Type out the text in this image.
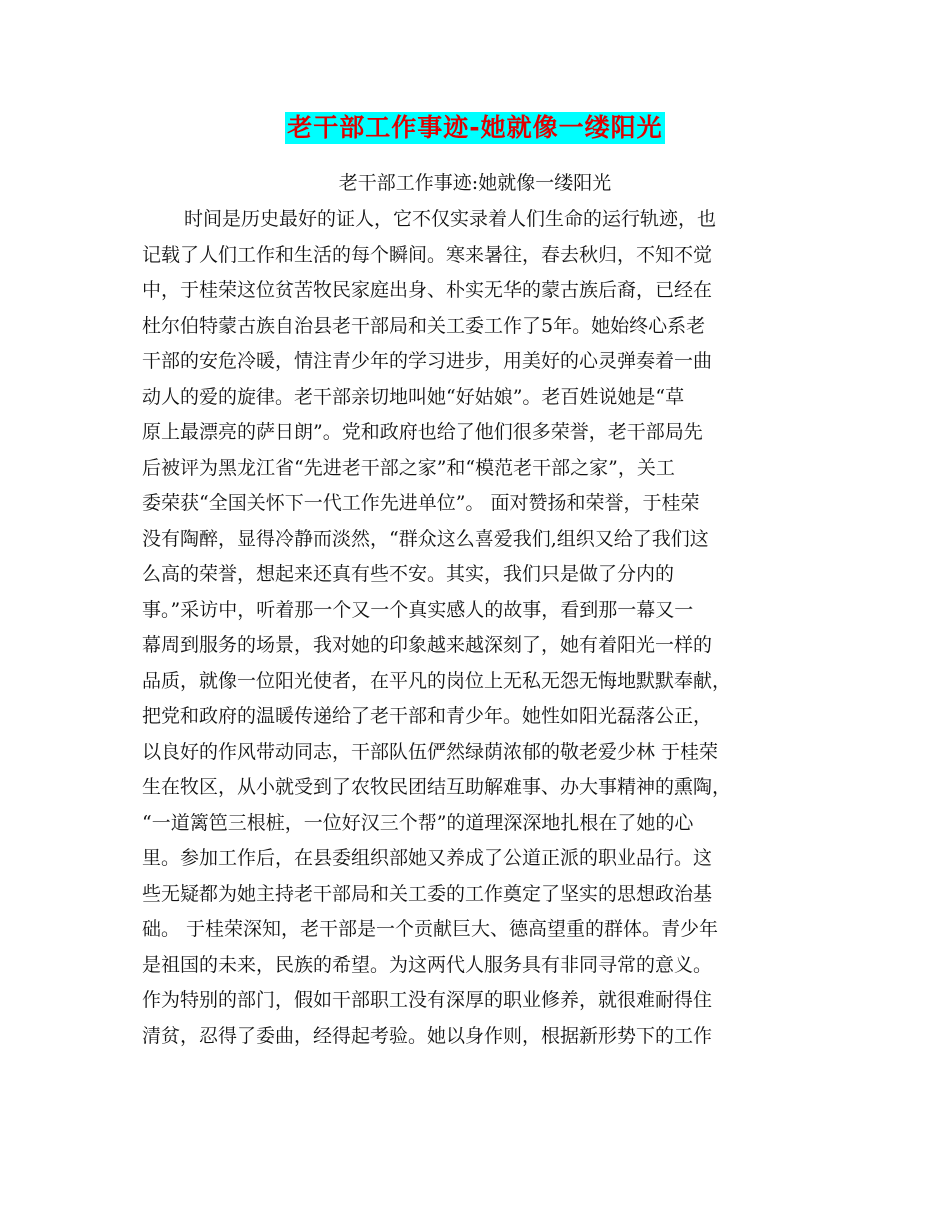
老干部工作事迹-她就像一缕阳光
老干部工作事迹:她就像一缕阳光
时间是历史最好的证人，它不仅实录着人们生命的运行轨迹，也
记载了人们工作和生活的每个瞬间。寒来暑往，春去秋归，不知不觉
中，于桂荣这位贫苦牧民家庭出身、朴实无华的蒙古族后裔，已经在
杜尔伯特蒙古族自治县老干部局和关工委工作了5年。她始终心系老
干部的安危冷暖，情注青少年的学习进步，用美好的心灵弹奏着一曲
动人的爱的旋律。老干部亲切地叫她“好姑娘”。老百姓说她是“草
原上最漂亮的萨日朗”。党和政府也给了他们很多荣誉，老干部局先
后被评为黑龙江省“先进老干部之家”和“模范老干部之家”，关工
委荣获“全国关怀下一代工作先进单位”。 面对赞扬和荣誉，于桂荣
没有陶醉，显得冷静而淡然，“群众这么喜爱我们,组织又给了我们这
么高的荣誉，想起来还真有些不安。其实，我们只是做了分内的
事。”采访中，听着那一个又一个真实感人的故事，看到那一幕又一
幕周到服务的场景，我对她的印象越来越深刻了，她有着阳光一样的
品质，就像一位阳光使者，在平凡的岗位上无私无怨无悔地默默奉献，
把党和政府的温暖传递给了老干部和青少年。她性如阳光磊落公正，
以良好的作风带动同志，干部队伍俨然绿荫浓郁的敬老爱少林 于桂荣
生在牧区，从小就受到了农牧民团结互助解难事、办大事精神的熏陶，
“一道篱笆三根桩，一位好汉三个帮”的道理深深地扎根在了她的心
里。参加工作后，在县委组织部她又养成了公道正派的职业品行。这
些无疑都为她主持老干部局和关工委的工作奠定了坚实的思想政治基
础。 于桂荣深知，老干部是一个贡献巨大、德高望重的群体。青少年
是祖国的未来，民族的希望。为这两代人服务具有非同寻常的意义。
作为特别的部门，假如干部职工没有深厚的职业修养，就很难耐得住
清贫，忍得了委曲，经得起考验。她以身作则，根据新形势下的工作
